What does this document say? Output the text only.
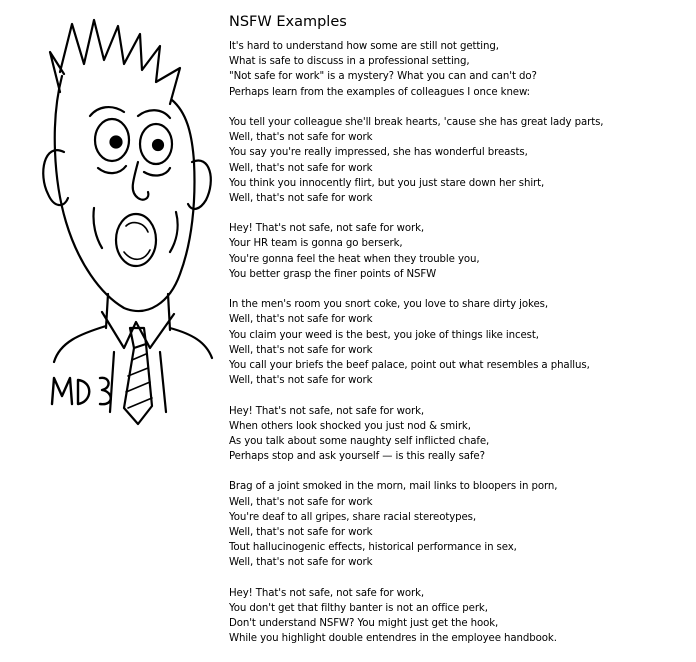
NSFW Examples
It's hard to understand how some are still not getting,
What is safe to discuss in a professional setting,
"Not safe for work" is a mystery? What you can and can't do?
Perhaps learn from the examples of colleagues I once knew:
You tell your colleague she'll break hearts, 'cause she has great lady parts,
Well, that's not safe for work
You say you're really impressed, she has wonderful breasts,
Well, that's not safe for work
You think you innocently flirt, but you just stare down her shirt,
Well, that's not safe for work
Hey! That's not safe, not safe for work,
Your HR team is gonna go berserk,
You're gonna feel the heat when they trouble you,
You better grasp the finer points of NSFW
In the men's room you snort coke, you love to share dirty jokes,
Well, that's not safe for work
You claim your weed is the best, you joke of things like incest,
Well, that's not safe for work
You call your briefs the beef palace, point out what resembles a phallus,
Well, that's not safe for work
Hey! That's not safe, not safe for work,
When others look shocked you just nod & smirk,
As you talk about some naughty self inflicted chafe,
Perhaps stop and ask yourself — is this really safe?
Brag of a joint smoked in the morn, mail links to bloopers in porn,
Well, that's not safe for work
You're deaf to all gripes, share racial stereotypes,
Well, that's not safe for work
Tout hallucinogenic effects, historical performance in sex,
Well, that's not safe for work
Hey! That's not safe, not safe for work,
You don't get that filthy banter is not an office perk,
Don't understand NSFW? You might just get the hook,
While you highlight double entendres in the employee handbook.
